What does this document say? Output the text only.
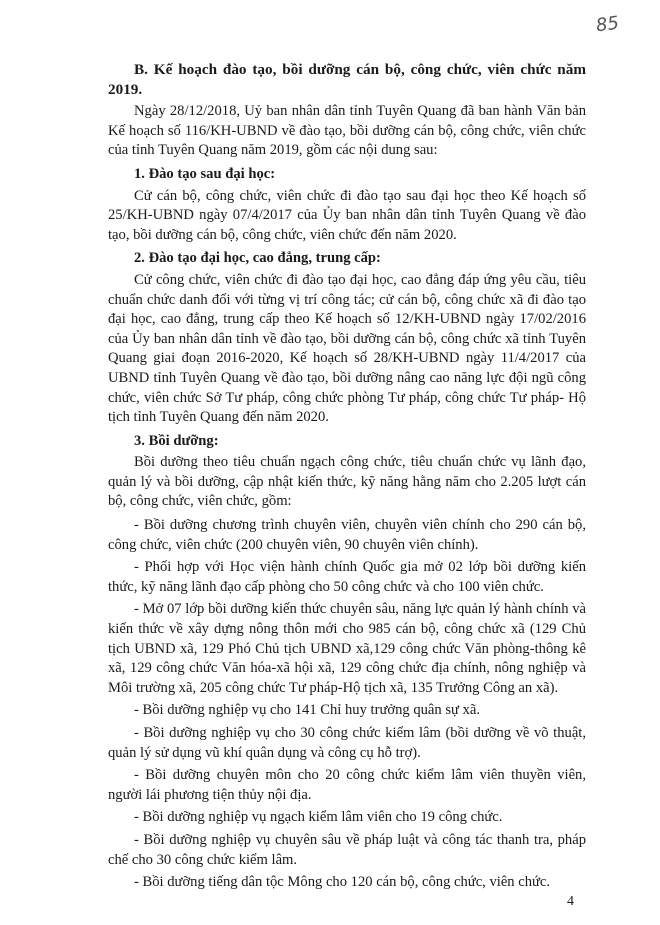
85
B. Kế hoạch đào tạo, bồi dưỡng cán bộ, công chức, viên chức năm 2019.

Ngày 28/12/2018, Uỷ ban nhân dân tỉnh Tuyên Quang đã ban hành Văn bản Kế hoạch số 116/KH-UBND về đào tạo, bồi dưỡng cán bộ, công chức, viên chức của tỉnh Tuyên Quang năm 2019, gồm các nội dung sau:

1. Đào tạo sau đại học:

Cử cán bộ, công chức, viên chức đi đào tạo sau đại học theo Kế hoạch số 25/KH-UBND ngày 07/4/2017 của Ủy ban nhân dân tỉnh Tuyên Quang về đào tạo, bồi dưỡng cán bộ, công chức, viên chức đến năm 2020.

2. Đào tạo đại học, cao đẳng, trung cấp:

Cử công chức, viên chức đi đào tạo đại học, cao đẳng đáp ứng yêu cầu, tiêu chuẩn chức danh đối với từng vị trí công tác; cử cán bộ, công chức xã đi đào tạo đại học, cao đẳng, trung cấp theo Kế hoạch số 12/KH-UBND ngày 17/02/2016 của Ủy ban nhân dân tỉnh về đào tạo, bồi dưỡng cán bộ, công chức xã tỉnh Tuyên Quang giai đoạn 2016-2020, Kế hoạch số 28/KH-UBND ngày 11/4/2017 của UBND tỉnh Tuyên Quang về đào tạo, bồi dưỡng nâng cao năng lực đội ngũ công chức, viên chức Sở Tư pháp, công chức phòng Tư pháp, công chức Tư pháp- Hộ tịch tỉnh Tuyên Quang đến năm 2020.

3. Bồi dưỡng:

Bồi dưỡng theo tiêu chuẩn ngạch công chức, tiêu chuẩn chức vụ lãnh đạo, quản lý và bồi dưỡng, cập nhật kiến thức, kỹ năng hằng năm cho 2.205 lượt cán bộ, công chức, viên chức, gồm:

- Bồi dưỡng chương trình chuyên viên, chuyên viên chính cho 290 cán bộ, công chức, viên chức (200 chuyên viên, 90 chuyên viên chính).

- Phối hợp với Học viện hành chính Quốc gia mở 02 lớp bồi dưỡng kiến thức, kỹ năng lãnh đạo cấp phòng cho 50 công chức và cho 100 viên chức.

- Mở 07 lớp bồi dưỡng kiến thức chuyên sâu, năng lực quản lý hành chính và kiến thức về xây dựng nông thôn mới cho 985 cán bộ, công chức xã (129 Chủ tịch UBND xã, 129 Phó Chủ tịch UBND xã,129 công chức Văn phòng-thông kê xã, 129 công chức Văn hóa-xã hội xã, 129 công chức địa chính, nông nghiệp và Môi trường xã, 205 công chức Tư pháp-Hộ tịch xã, 135 Trưởng Công an xã).

- Bồi dưỡng nghiệp vụ cho 141 Chỉ huy trưởng quân sự xã.

- Bồi dưỡng nghiệp vụ cho 30 công chức kiểm lâm (bồi dưỡng về võ thuật, quản lý sử dụng vũ khí quân dụng và công cụ hỗ trợ).

- Bồi dưỡng chuyên môn cho 20 công chức kiểm lâm viên thuyền viên, người lái phương tiện thủy nội địa.

- Bồi dưỡng nghiệp vụ ngạch kiểm lâm viên cho 19 công chức.

- Bồi dưỡng nghiệp vụ chuyên sâu về pháp luật và công tác thanh tra, pháp chế cho 30 công chức kiểm lâm.

- Bồi dưỡng tiếng dân tộc Mông cho 120 cán bộ, công chức, viên chức.

4
